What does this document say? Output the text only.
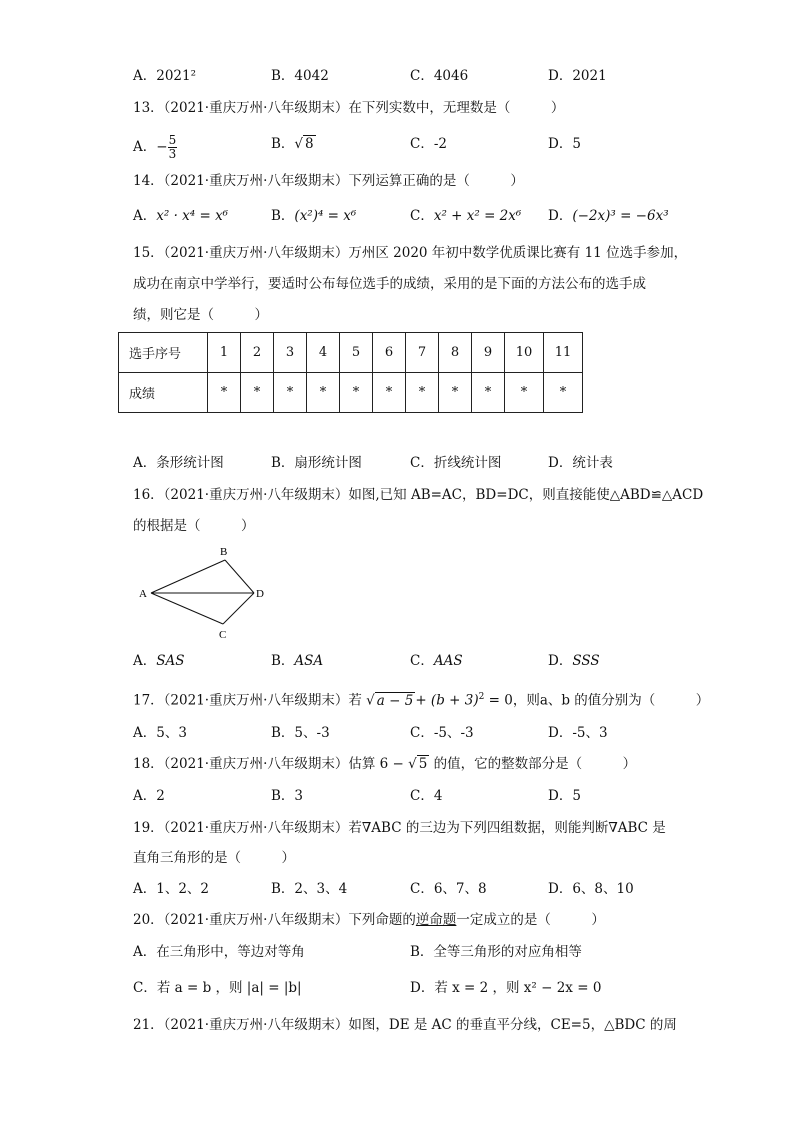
A．2021²	B．4042	C．4046	D．2021
13．（2021·重庆万州·八年级期末）在下列实数中，无理数是（　　　）
A．− $\frac{5}{3}$	B．√ 8	C．-2	D．5
14．（2021·重庆万州·八年级期末）下列运算正确的是（　　　）
A．x² · x⁴ = x⁶	B．(x²)⁴ = x⁶	C．x² + x² = 2x⁶ D．(−2x)³ = −6x³
15．（2021·重庆万州·八年级期末）万州区 2020 年初中数学优质课比赛有 11 位选手参加，
成功在南京中学举行，要适时公布每位选手的成绩，采用的是下面的方法公布的选手成
绩，则它是（　　　）
选手序号	1	2	3	4	5	6	7	8	9	10	11
成绩	*	*	*	*	*	*	*	*	*	*	*
A．条形统计图	B．扇形统计图	C．折线统计图	D．统计表
16．（2021·重庆万州·八年级期末）如图,已知 AB=AC，BD=DC，则直接能使△ABD≌△ACD
的根据是（　　　）
A
B
C
D
A．SAS	B．ASA	C．AAS	D．SSS
17．（2021·重庆万州·八年级期末）若 √ $a - 5 + (b + 3)^2 = 0$，则a、b 的值分别为（　　　）
A．5、3	B．5、-3	C．-5、-3	D．-5、3
18．（2021·重庆万州·八年级期末）估算 6 − √ 5 的值，它的整数部分是（　　　）
A．2	B．3	C．4	D．5
19．（2021·重庆万州·八年级期末）若∇ABC 的三边为下列四组数据，则能判断∇ABC 是
直角三角形的是（　　　）
A．1、2、2	B．2、3、4	C．6、7、8	D．6、8、10
20．（2021·重庆万州·八年级期末）下列命题的逆命题一定成立的是（　　　）
A．在三角形中，等边对等角	B．全等三角形的对应角相等
C．若 a = b ，则 |a| = |b|	D．若 x = 2 ，则 x² − 2x = 0
21．（2021·重庆万州·八年级期末）如图，DE 是 AC 的垂直平分线，CE=5，△BDC 的周
